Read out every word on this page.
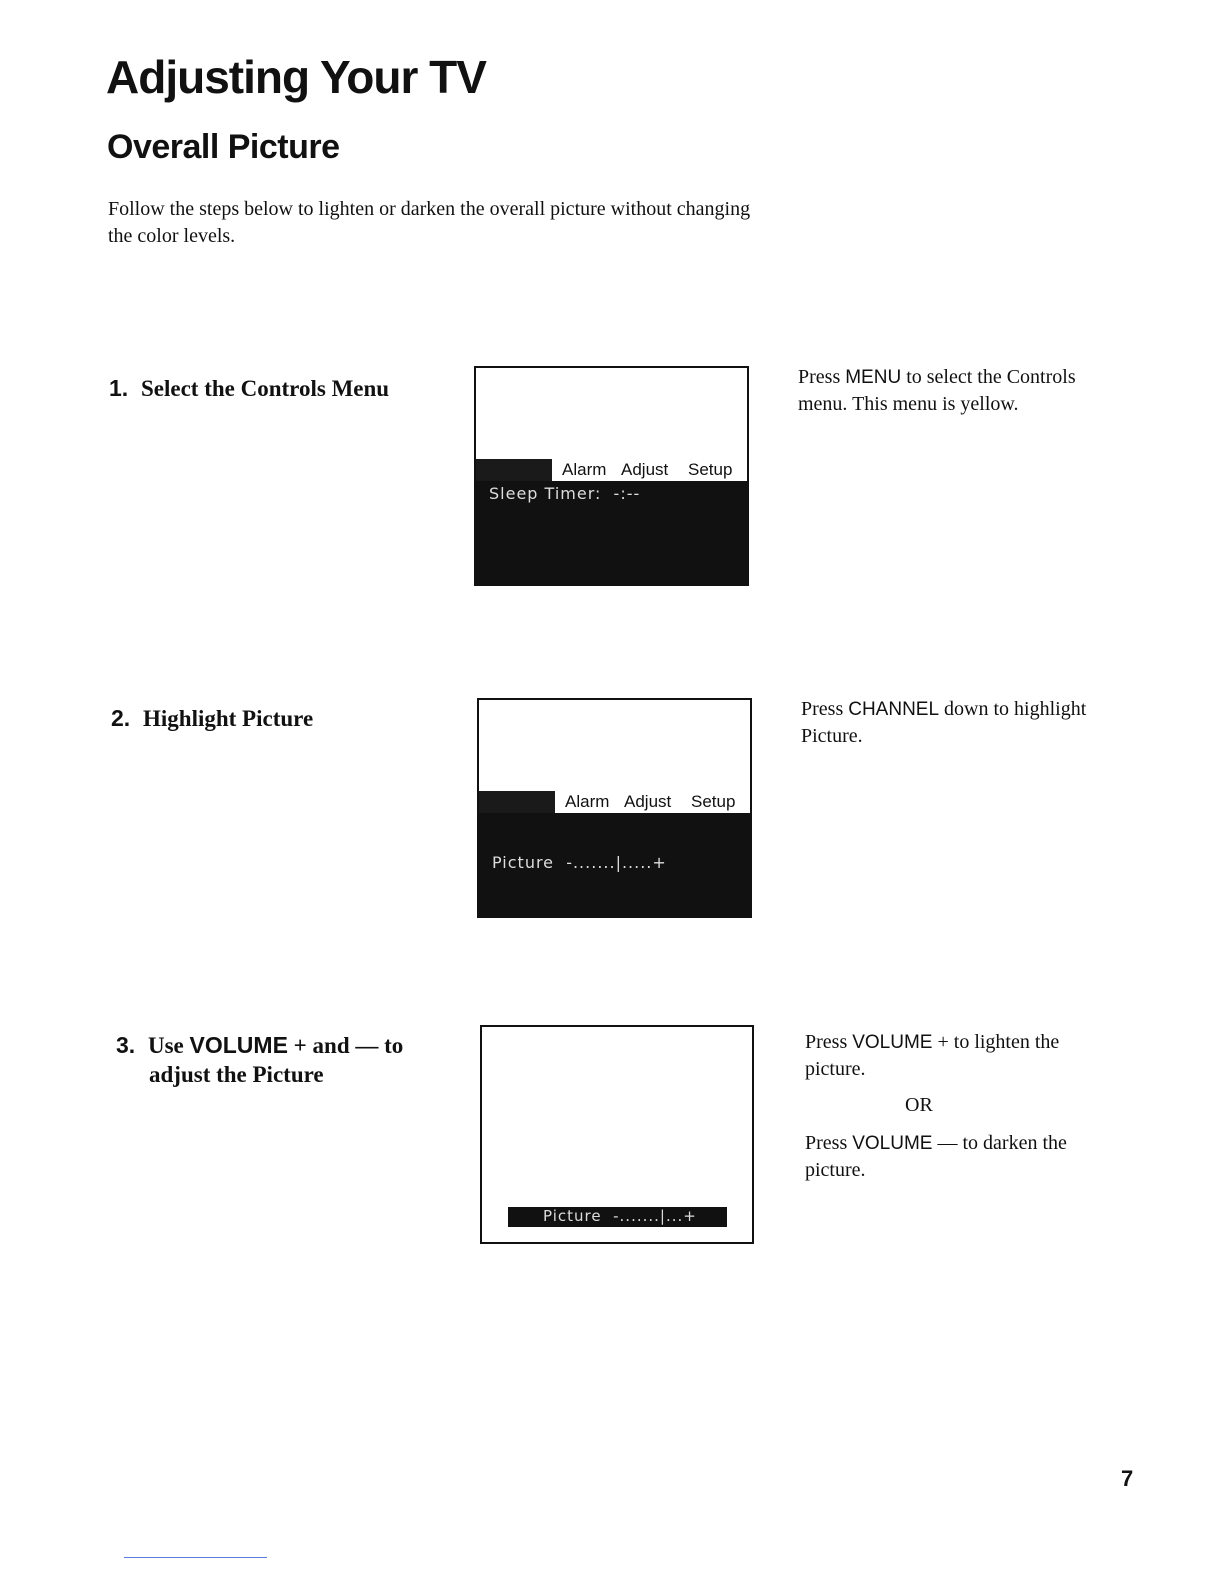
Adjusting Your TV
Overall Picture
Follow the steps below to lighten or darken the overall picture without changing the color levels.
1. Select the Controls Menu
Alarm Adjust Setup
Sleep Timer:  -:--
Press MENU to select the Controls menu. This menu is yellow.
2. Highlight Picture
Alarm Adjust Setup
Picture  -.......|.....+
Press CHANNEL down to highlight Picture.
3. Use VOLUME + and — to
adjust the Picture
Picture  -.......|...+
Press VOLUME + to lighten the picture.
OR
Press VOLUME — to darken the picture.
7
